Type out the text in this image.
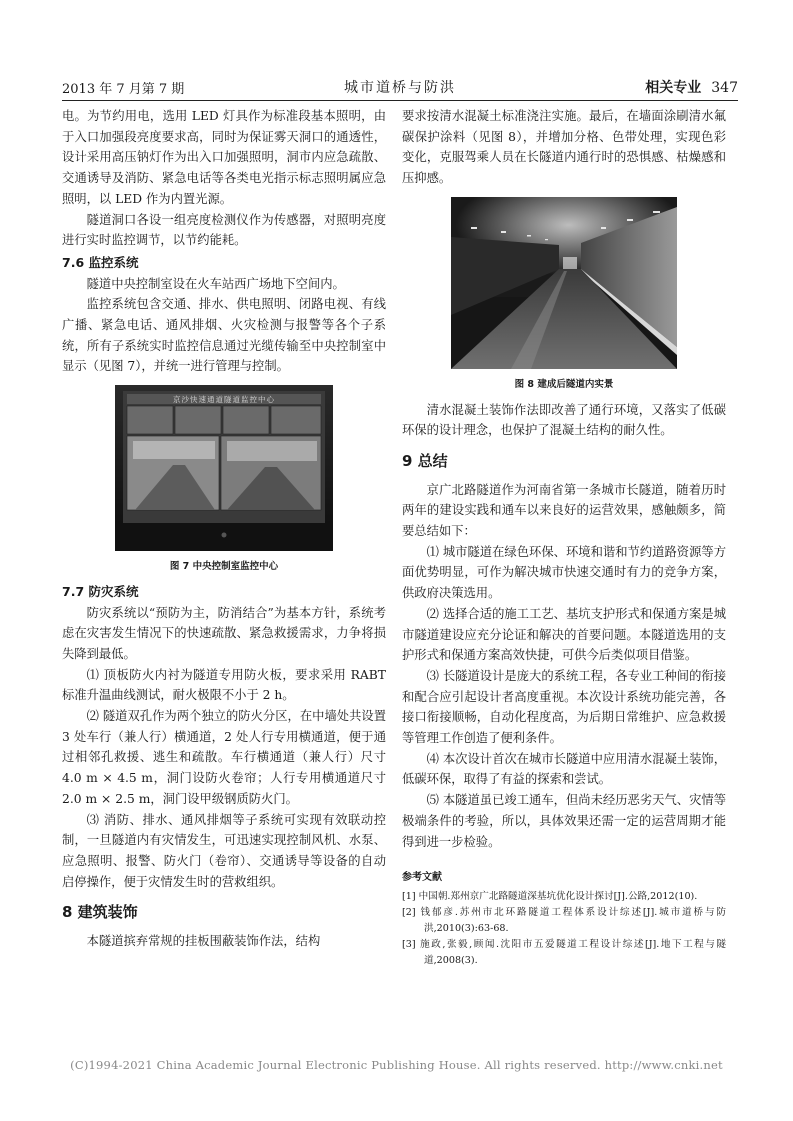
2013 年 7 月第 7 期	城市道桥与防洪	相关专业 347

电。为节约用电，选用 LED 灯具作为标准段基本照明，由于入口加强段亮度要求高，同时为保证雾天洞口的通透性，设计采用高压钠灯作为出入口加强照明，洞市内应急疏散、交通诱导及消防、紧急电话等各类电光指示标志照明属应急照明，以 LED 作为内置光源。

隧道洞口各设一组亮度检测仪作为传感器，对照明亮度进行实时监控调节，以节约能耗。

7.6 监控系统

隧道中央控制室设在火车站西广场地下空间内。

监控系统包含交通、排水、供电照明、闭路电视、有线广播、紧急电话、通风排烟、火灾检测与报警等各个子系统，所有子系统实时监控信息通过光缆传输至中央控制室中显示（见图 7），并统一进行管理与控制。

京沙快速通道隧道监控中心
图 7 中央控制室监控中心
7.7 防灾系统

防灾系统以“预防为主，防消结合”为基本方针，系统考虑在灾害发生情况下的快速疏散、紧急救援需求，力争将损失降到最低。

⑴ 顶板防火内衬为隧道专用防火板，要求采用 RABT 标准升温曲线测试，耐火极限不小于 2 h。

⑵ 隧道双孔作为两个独立的防火分区，在中墙处共设置 3 处车行（兼人行）横通道，2 处人行专用横通道，便于通过相邻孔救援、逃生和疏散。车行横通道（兼人行）尺寸 4.0 m × 4.5 m，洞门设防火卷帘；人行专用横通道尺寸 2.0 m × 2.5 m，洞门设甲级钢质防火门。

⑶ 消防、排水、通风排烟等子系统可实现有效联动控制，一旦隧道内有灾情发生，可迅速实现控制风机、水泵、应急照明、报警、防火门（卷帘）、交通诱导等设备的自动启停操作，便于灾情发生时的营救组织。

8 建筑装饰

本隧道摈弃常规的挂板围蔽装饰作法，结构

要求按清水混凝土标准浇注实施。最后，在墙面涂刷清水氟碳保护涂料（见图 8），并增加分格、色带处理，实现色彩变化，克服驾乘人员在长隧道内通行时的恐惧感、枯燥感和压抑感。

图 8 建成后隧道内实景

清水混凝土装饰作法即改善了通行环境，又落实了低碳环保的设计理念，也保护了混凝土结构的耐久性。

9 总结

京广北路隧道作为河南省第一条城市长隧道，随着历时两年的建设实践和通车以来良好的运营效果，感触颇多，简要总结如下：

⑴ 城市隧道在绿色环保、环境和谐和节约道路资源等方面优势明显，可作为解决城市快速交通时有力的竞争方案，供政府决策选用。

⑵ 选择合适的施工工艺、基坑支护形式和保通方案是城市隧道建设应充分论证和解决的首要问题。本隧道选用的支护形式和保通方案高效快捷，可供今后类似项目借鉴。

⑶ 长隧道设计是庞大的系统工程，各专业工种间的衔接和配合应引起设计者高度重视。本次设计系统功能完善，各接口衔接顺畅，自动化程度高，为后期日常维护、应急救援等管理工作创造了便利条件。

⑷ 本次设计首次在城市长隧道中应用清水混凝土装饰，低碳环保，取得了有益的探索和尝试。

⑸ 本隧道虽已竣工通车，但尚未经历恶劣天气、灾情等极端条件的考验，所以，具体效果还需一定的运营周期才能得到进一步检验。

参考文献
[1] 中国朝.郑州京广北路隧道深基坑优化设计探讨[J].公路,2012(10).
[2] 钱郁彦.苏州市北环路隧道工程体系设计综述[J].城市道桥与防洪,2010(3):63-68.
[3] 施政,张毅,顾闻.沈阳市五爱隧道工程设计综述[J].地下工程与隧道,2008(3).
(C)1994-2021 China Academic Journal Electronic Publishing House. All rights reserved. http://www.cnki.net
